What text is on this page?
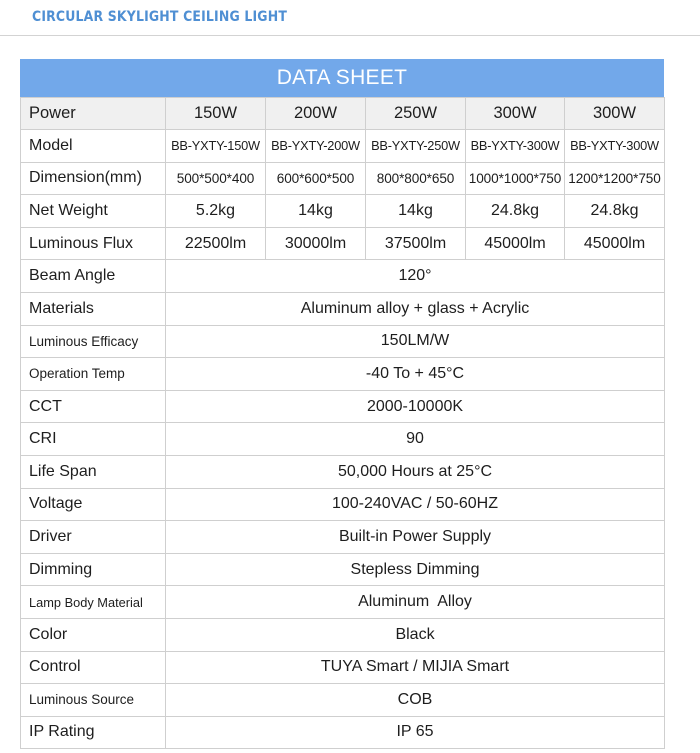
CIRCULAR SKYLIGHT CEILING LIGHT
DATA SHEET
Power	150W	200W	250W	300W	300W
Model	BB-YXTY-150W	BB-YXTY-200W	BB-YXTY-250W	BB-YXTY-300W	BB-YXTY-300W
Dimension(mm)	500*500*400	600*600*500	800*800*650	1000*1000*750	1200*1200*750
Net Weight	5.2kg	14kg	14kg	24.8kg	24.8kg
Luminous Flux	22500lm	30000lm	37500lm	45000lm	45000lm
Beam Angle	120°				
Materials	Aluminum alloy + glass + Acrylic				
Luminous Efficacy	150LM/W				
Operation Temp	-40 To + 45°C				
CCT	2000-10000K				
CRI	90				
Life Span	50,000 Hours at 25°C				
Voltage	100-240VAC / 50-60HZ				
Driver	Built-in Power Supply				
Dimming	Stepless Dimming				
Lamp Body Material	Aluminum  Alloy				
Color	Black				
Control	TUYA Smart / MIJIA Smart				
Luminous Source	COB				
IP Rating	IP 65				
